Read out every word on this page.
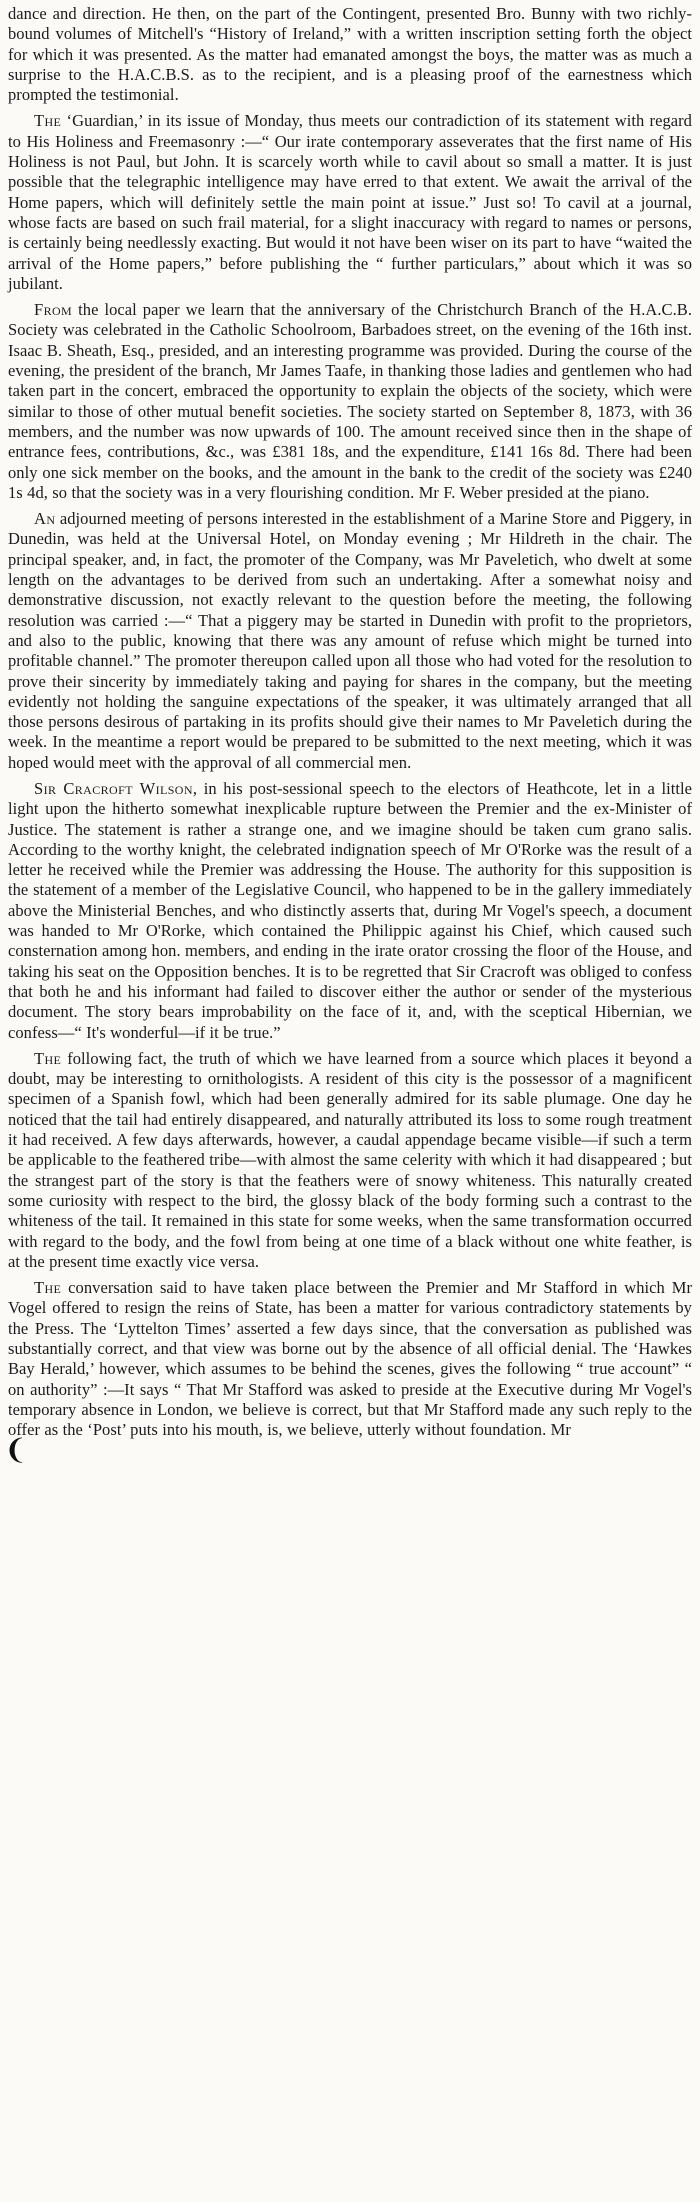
❨

dance and direction. He then, on the part of the Contingent, presented Bro. Bunny with two richly-bound volumes of Mitchell's “History of Ireland,” with a written inscription setting forth the object for which it was presented. As the matter had emanated amongst the boys, the matter was as much a surprise to the H.A.C.B.S. as to the recipient, and is a pleasing proof of the earnestness which prompted the testimonial.

The ‘Guardian,’ in its issue of Monday, thus meets our contradiction of its statement with regard to His Holiness and Freemasonry :—“ Our irate contemporary asseverates that the first name of His Holiness is not Paul, but John. It is scarcely worth while to cavil about so small a matter. It is just possible that the telegraphic intelligence may have erred to that extent. We await the arrival of the Home papers, which will definitely settle the main point at issue.” Just so! To cavil at a journal, whose facts are based on such frail material, for a slight inaccuracy with regard to names or persons, is certainly being needlessly exacting. But would it not have been wiser on its part to have “waited the arrival of the Home papers,” before publishing the “ further particulars,” about which it was so jubilant.

From the local paper we learn that the anniversary of the Christchurch Branch of the H.A.C.B. Society was celebrated in the Catholic Schoolroom, Barbadoes street, on the evening of the 16th inst. Isaac B. Sheath, Esq., presided, and an interesting programme was provided. During the course of the evening, the president of the branch, Mr James Taafe, in thanking those ladies and gentlemen who had taken part in the concert, embraced the opportunity to explain the objects of the society, which were similar to those of other mutual benefit societies. The society started on September 8, 1873, with 36 members, and the number was now upwards of 100. The amount received since then in the shape of entrance fees, contributions, &c., was £381 18s, and the expenditure, £141 16s 8d. There had been only one sick member on the books, and the amount in the bank to the credit of the society was £240 1s 4d, so that the society was in a very flourishing condition. Mr F. Weber presided at the piano.

An adjourned meeting of persons interested in the establishment of a Marine Store and Piggery, in Dunedin, was held at the Universal Hotel, on Monday evening ; Mr Hildreth in the chair. The principal speaker, and, in fact, the promoter of the Company, was Mr Paveletich, who dwelt at some length on the advantages to be derived from such an undertaking. After a somewhat noisy and demonstrative discussion, not exactly relevant to the question before the meeting, the following resolution was carried :—“ That a piggery may be started in Dunedin with profit to the proprietors, and also to the public, knowing that there was any amount of refuse which might be turned into profitable channel.” The promoter thereupon called upon all those who had voted for the resolution to prove their sincerity by immediately taking and paying for shares in the company, but the meeting evidently not holding the sanguine expectations of the speaker, it was ultimately arranged that all those persons desirous of partaking in its profits should give their names to Mr Paveletich during the week. In the meantime a report would be prepared to be submitted to the next meeting, which it was hoped would meet with the approval of all commercial men.

Sir Cracroft Wilson, in his post-sessional speech to the electors of Heathcote, let in a little light upon the hitherto somewhat inexplicable rupture between the Premier and the ex-Minister of Justice. The statement is rather a strange one, and we imagine should be taken cum grano salis. According to the worthy knight, the celebrated indignation speech of Mr O'Rorke was the result of a letter he received while the Premier was addressing the House. The authority for this supposition is the statement of a member of the Legislative Council, who happened to be in the gallery immediately above the Ministerial Benches, and who distinctly asserts that, during Mr Vogel's speech, a document was handed to Mr O'Rorke, which contained the Philippic against his Chief, which caused such consternation among hon. members, and ending in the irate orator crossing the floor of the House, and taking his seat on the Opposition benches. It is to be regretted that Sir Cracroft was obliged to confess that both he and his informant had failed to discover either the author or sender of the mysterious document. The story bears improbability on the face of it, and, with the sceptical Hibernian, we confess—“ It's wonderful—if it be true.”

The following fact, the truth of which we have learned from a source which places it beyond a doubt, may be interesting to ornithologists. A resident of this city is the possessor of a magnificent specimen of a Spanish fowl, which had been generally admired for its sable plumage. One day he noticed that the tail had entirely disappeared, and naturally attributed its loss to some rough treatment it had received. A few days afterwards, however, a caudal appendage became visible—if such a term be applicable to the feathered tribe—with almost the same celerity with which it had disappeared ; but the strangest part of the story is that the feathers were of snowy whiteness. This naturally created some curiosity with respect to the bird, the glossy black of the body forming such a contrast to the whiteness of the tail. It remained in this state for some weeks, when the same transformation occurred with regard to the body, and the fowl from being at one time of a black without one white feather, is at the present time exactly vice versa.

The conversation said to have taken place between the Premier and Mr Stafford in which Mr Vogel offered to resign the reins of State, has been a matter for various contradictory statements by the Press. The ‘Lyttelton Times’ asserted a few days since, that the conversation as published was substantially correct, and that view was borne out by the absence of all official denial. The ‘Hawkes Bay Herald,’ however, which assumes to be behind the scenes, gives the following “ true account” “ on authority” :—It says “ That Mr Stafford was asked to preside at the Executive during Mr Vogel's temporary absence in London, we believe is correct, but that Mr Stafford made any such reply to the offer as the ‘Post’ puts into his mouth, is, we believe, utterly without foundation. Mr
